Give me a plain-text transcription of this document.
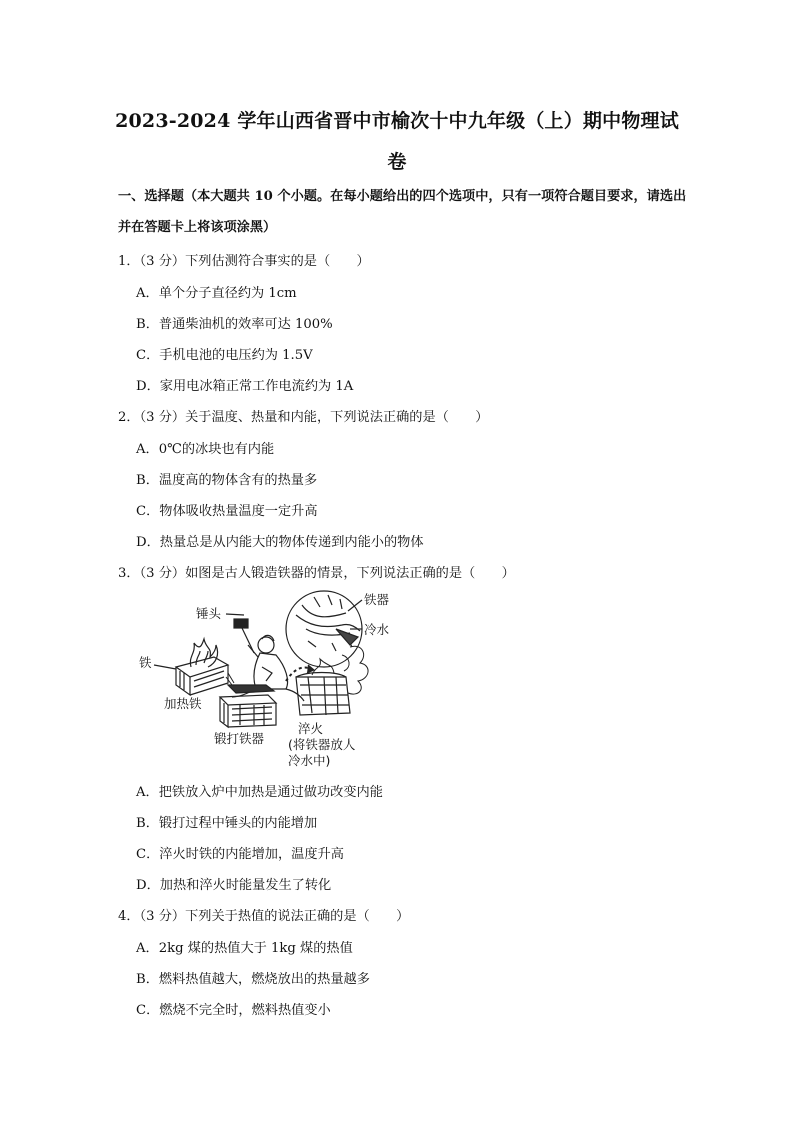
2023-2024 学年山西省晋中市榆次十中九年级（上）期中物理试
卷
一、选择题（本大题共 10 个小题。在每小题给出的四个选项中，只有一项符合题目要求，请选出并在答题卡上将该项涂黑）
1．（3 分）下列估测符合事实的是（　　）
A．单个分子直径约为 1cm
B．普通柴油机的效率可达 100%
C．手机电池的电压约为 1.5V
D．家用电冰箱正常工作电流约为 1A
2．（3 分）关于温度、热量和内能，下列说法正确的是（　　）
A．0℃的冰块也有内能
B．温度高的物体含有的热量多
C．物体吸收热量温度一定升高
D．热量总是从内能大的物体传递到内能小的物体
3．（3 分）如图是古人锻造铁器的情景，下列说法正确的是（　　）
锤头
铁
加热铁
锻打铁器
铁器
冷水
淬火
(将铁器放人
冷水中)
A．把铁放入炉中加热是通过做功改变内能
B．锻打过程中锤头的内能增加
C．淬火时铁的内能增加，温度升高
D．加热和淬火时能量发生了转化
4．（3 分）下列关于热值的说法正确的是（　　）
A．2kg 煤的热值大于 1kg 煤的热值
B．燃料热值越大，燃烧放出的热量越多
C．燃烧不完全时，燃料热值变小
